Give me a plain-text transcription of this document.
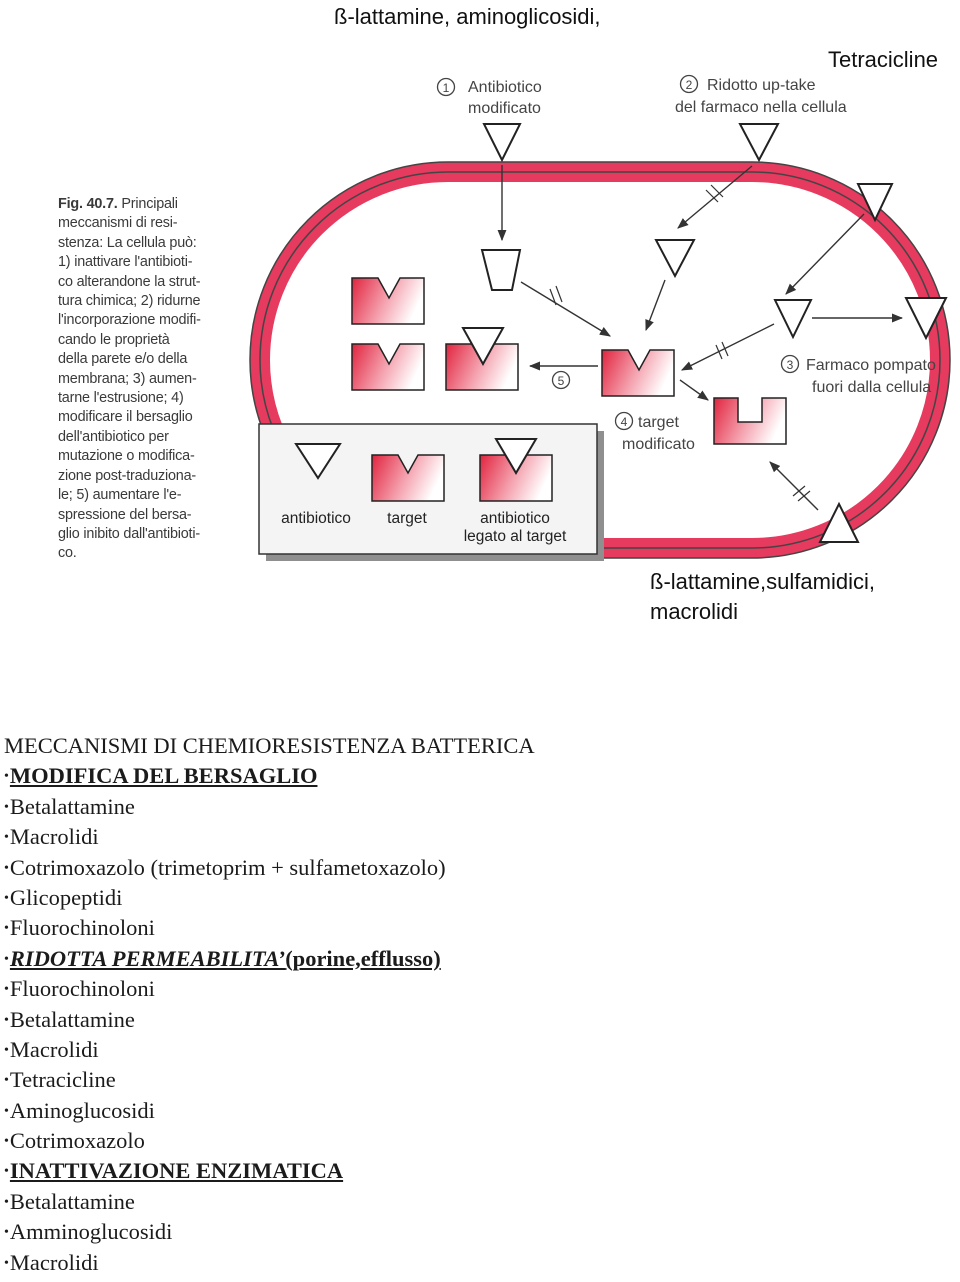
ß-lattamine, aminoglicosidi,
Tetracicline
ß-lattamine,sulfamidici,
macrolidi
antibiotico target	antibiotico
legato al target
1 Antibiotico
modificato
2 Ridotto up-take
del farmaco nella cellula
3 Farmaco pompato
fuori dalla cellula
4 target
modificato
5
Fig. 40.7. Principali
meccanismi di resi-
stenza: La cellula può:
1) inattivare l'antibioti-
co alterandone la strut-
tura chimica; 2) ridurne
l'incorporazione modifi-
cando le proprietà
della parete e/o della
membrana; 3) aumen-
tarne l'estrusione; 4)
modificare il bersaglio
dell'antibiotico per
mutazione o modifica-
zione post-traduziona-
le; 5) aumentare l'e-
spressione del bersa-
glio inibito dall'antibioti-
co.
MECCANISMI DI CHEMIORESISTENZA BATTERICA
•MODIFICA DEL BERSAGLIO
•Betalattamine
•Macrolidi
•Cotrimoxazolo (trimetoprim + sulfametoxazolo)
•Glicopeptidi
•Fluorochinoloni
•RIDOTTA PERMEABILITA’(porine,efflusso)
•Fluorochinoloni
•Betalattamine
•Macrolidi
•Tetracicline
•Aminoglucosidi
•Cotrimoxazolo
•INATTIVAZIONE ENZIMATICA
•Betalattamine
•Amminoglucosidi
•Macrolidi
